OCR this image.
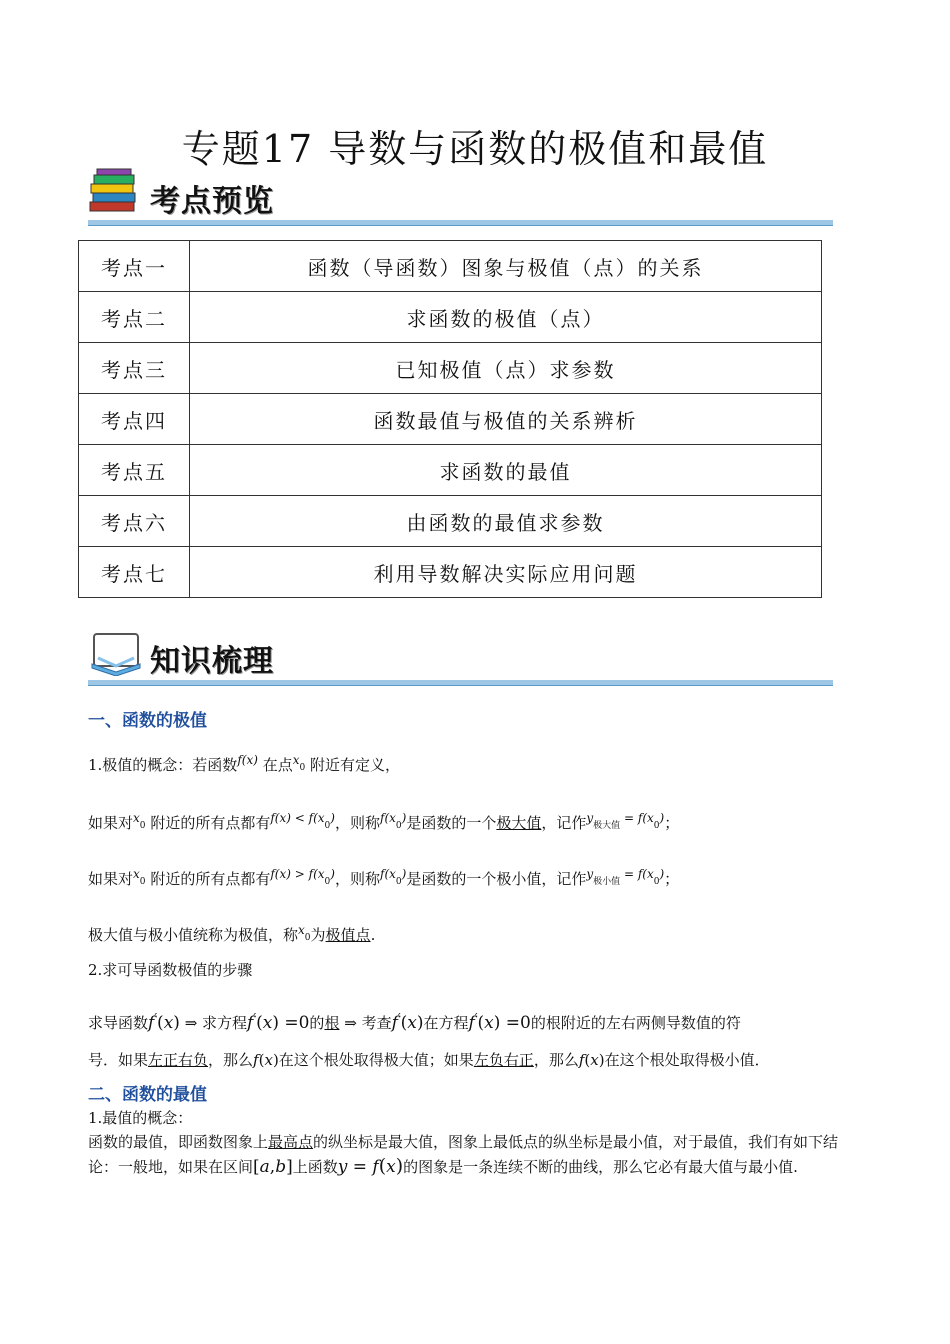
专题17 导数与函数的极值和最值
考点预览
考点一	函数（导函数）图象与极值（点）的关系
考点二	求函数的极值（点）
考点三	已知极值（点）求参数
考点四	函数最值与极值的关系辨析
考点五	求函数的最值
考点六	由函数的最值求参数
考点七	利用导数解决实际应用问题
知识梳理
一、函数的极值
1.极值的概念：若函数$^{f(x)}$ 在点$^x$0 附近有定义，
如果对$^x$0 附近的所有点都有$^{f(x) <}$ $^{f(x}$0)，则称$^{f(x}$0)是函数的一个极大值，记作$^y$极大值 = $^{f(x}$0)；
如果对$^x$0 附近的所有点都有$^{f(x) >}$ $^{f(x}$0)，则称$^{f(x}$0)是函数的一个极小值，记作$^y$极小值 = $^{f(x}$0)；
极大值与极小值统称为极值，称$^x$0为极值点.
2.求可导函数极值的步骤
求导函数f′(x) ⇒ 求方程f′(x) =0的根 ⇒ 考查f′(x)在方程f′(x) =0的根附近的左右两侧导数值的符
号．如果左正右负，那么f(x)在这个根处取得极大值；如果左负右正，那么f(x)在这个根处取得极小值．
二、函数的最值
1.最值的概念：
函数的最值，即函数图象上最高点的纵坐标是最大值，图象上最低点的纵坐标是最小值，对于最值，我们有如下结论：一般地，如果在区间[a,b]上函数y = f(x)的图象是一条连续不断的曲线，那么它必有最大值与最小值.
